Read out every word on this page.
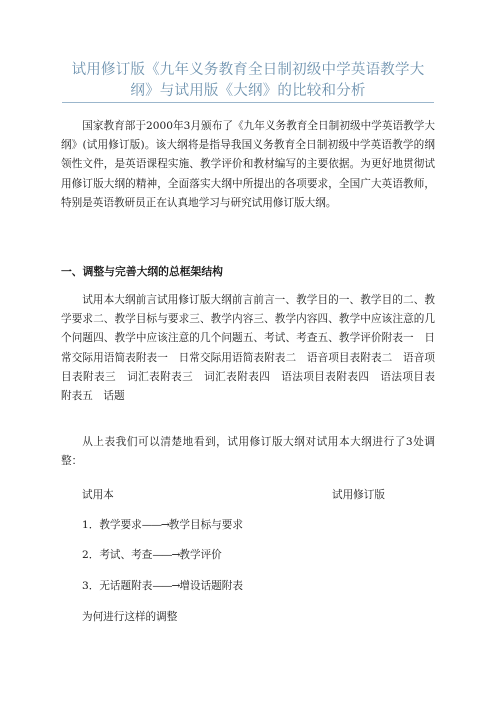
试用修订版《九年义务教育全日制初级中学英语教学大
纲》与试用版《大纲》的比较和分析

国家教育部于2000年3月颁布了《九年义务教育全日制初级中学英语教学大纲》(试用修订版)。该大纲将是指导我国义务教育全日制初级中学英语教学的纲领性文件，是英语课程实施、教学评价和教材编写的主要依据。为更好地贯彻试用修订版大纲的精神，全面落实大纲中所提出的各项要求，全国广大英语教师，特别是英语教研员正在认真地学习与研究试用修订版大纲。

一、调整与完善大纲的总框架结构

试用本大纲前言试用修订版大纲前言前言一、教学目的一、教学目的二、教学要求二、教学目标与要求三、教学内容三、教学内容四、教学中应该注意的几个问题四、教学中应该注意的几个问题五、考试、考查五、教学评价附表一　日常交际用语简表附表一　日常交际用语简表附表二　语音项目表附表二　语音项目表附表三　词汇表附表三　词汇表附表四　语法项目表附表四　语法项目表　附表五　话题

从上表我们可以清楚地看到，试用修订版大纲对试用本大纲进行了3处调整：

试用本	试用修订版

1．教学要求——→教学目标与要求

2．考试、考查——→教学评价

3．无话题附表——→增设话题附表

为何进行这样的调整
